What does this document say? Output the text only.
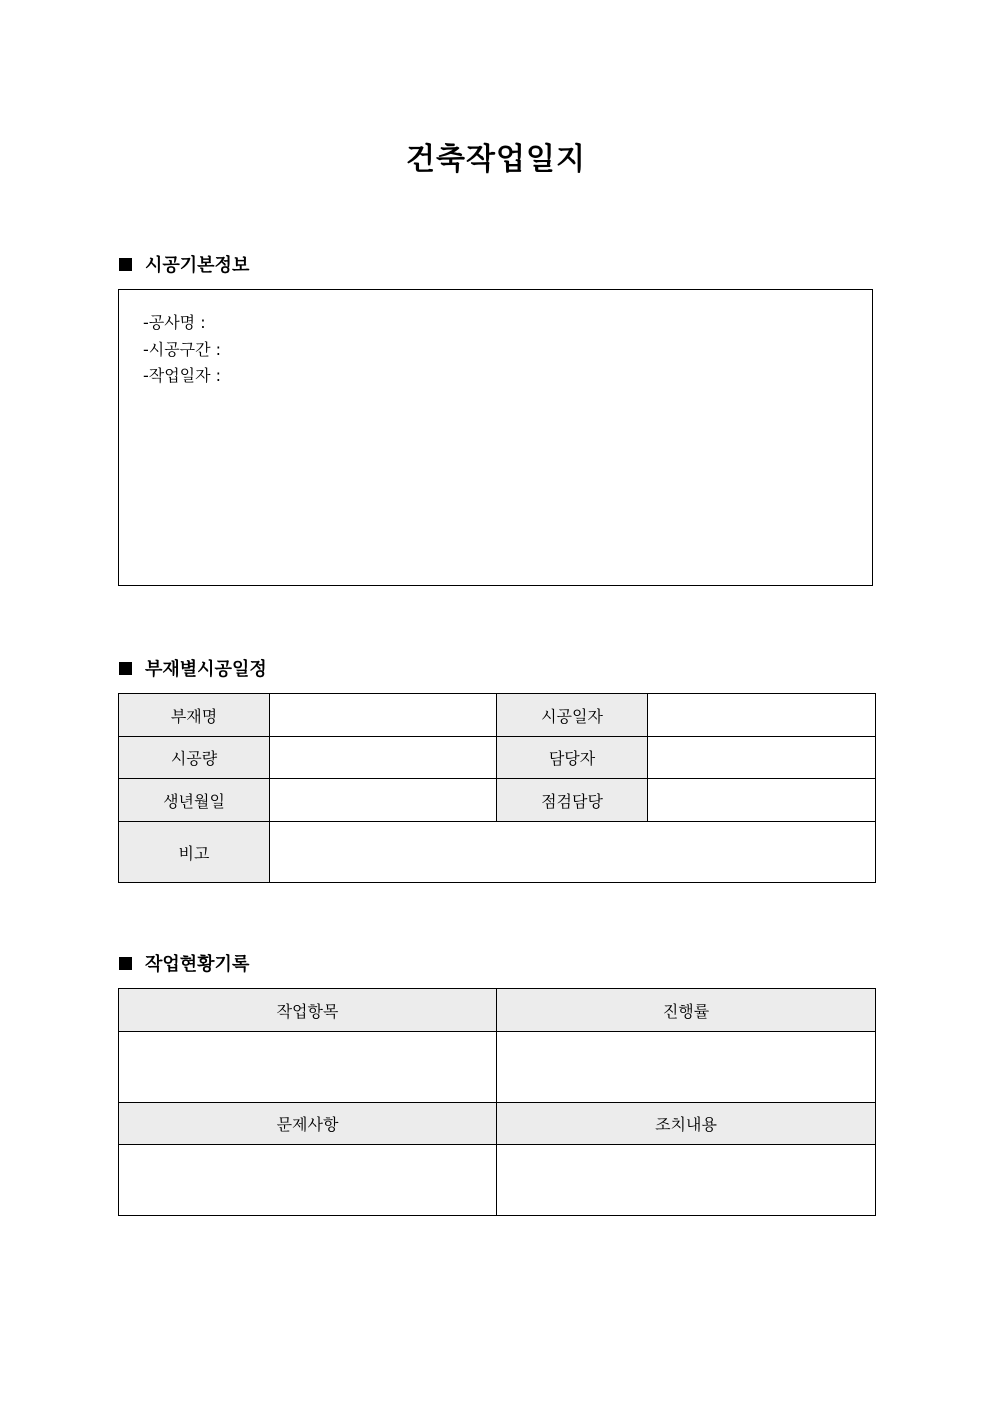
건축작업일지
시공기본정보
-공사명 :
-시공구간 :
-작업일자 :
부재별시공일정
부재명		시공일자	
시공량		담당자	
생년월일		점검담당	
비고			
작업현황기록
작업항목	진행률

문제사항	조치내용
